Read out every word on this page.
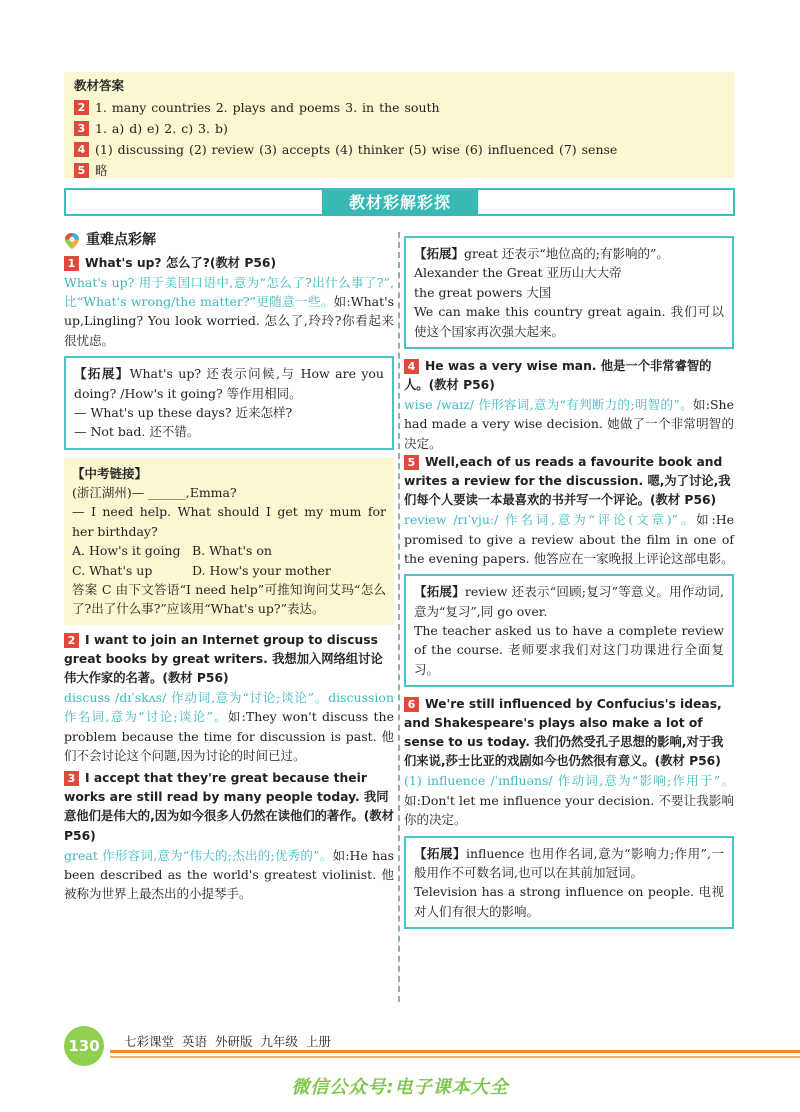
教材答案
2 1. many countries 2. plays and poems 3. in the south
3 1. a) d) e) 2. c) 3. b)
4 (1) discussing (2) review (3) accepts (4) thinker (5) wise (6) influenced (7) sense
5 略
教材彩解彩探
重难点彩解
1 What's up? 怎么了?(教材 P56)

What's up? 用于美国口语中,意为“怎么了?出什么事了?”,比“What's wrong/the matter?”更随意一些。如:What's up,Lingling? You look worried. 怎么了,玲玲?你看起来很忧虑。

【拓展】What's up? 还表示问候,与 How are you doing? /How's it going? 等作用相同。
— What's up these days? 近来怎样?
— Not bad. 还不错。
【中考链接】
(浙江湖州)— ______,Emma?
— I need help. What should I get my mum for her birthday?
A. How's it going B. What's on
C. What's up	D. How's your mother
答案 C 由下文答语“I need help”可推知询问艾玛“怎么了?出了什么事?”应该用“What's up?”表达。
2 I want to join an Internet group to discuss great books by great writers. 我想加入网络组讨论伟大作家的名著。(教材 P56)

discuss /dɪˈskʌs/ 作动词,意为“讨论;谈论”。discussion 作名词,意为“讨论;谈论”。如:They won't discuss the problem because the time for discussion is past. 他们不会讨论这个问题,因为讨论的时间已过。

3 I accept that they're great because their works are still read by many people today. 我同意他们是伟大的,因为如今很多人仍然在读他们的著作。(教材 P56)

great 作形容词,意为“伟大的;杰出的;优秀的”。如:He has been described as the world's greatest violinist. 他被称为世界上最杰出的小提琴手。

【拓展】great 还表示“地位高的;有影响的”。
Alexander the Great 亚历山大大帝
the great powers 大国
We can make this country great again. 我们可以使这个国家再次强大起来。
4 He was a very wise man. 他是一个非常睿智的人。(教材 P56)

wise /waɪz/ 作形容词,意为“有判断力的;明智的”。如:She had made a very wise decision. 她做了一个非常明智的决定。

5 Well,each of us reads a favourite book and writes a review for the discussion. 嗯,为了讨论,我们每个人要读一本最喜欢的书并写一个评论。(教材 P56)

review /rɪˈvjuː/ 作名词,意为“评论(文章)”。如:He promised to give a review about the film in one of the evening papers. 他答应在一家晚报上评论这部电影。

【拓展】review 还表示“回顾;复习”等意义。用作动词,意为“复习”,同 go over.
The teacher asked us to have a complete review of the course. 老师要求我们对这门功课进行全面复习。
6 We're still influenced by Confucius's ideas, and Shakespeare's plays also make a lot of sense to us today. 我们仍然受孔子思想的影响,对于我们来说,莎士比亚的戏剧如今也仍然很有意义。(教材 P56)

(1) influence /ˈɪnfluəns/ 作动词,意为“影响;作用于”。如:Don't let me influence your decision. 不要让我影响你的决定。

【拓展】influence 也用作名词,意为“影响力;作用”,一般用作不可数名词,也可以在其前加冠词。
Television has a strong influence on people. 电视对人们有很大的影响。
130	七彩课堂 英语 外研版 九年级 上册
微信公众号:电子课本大全
